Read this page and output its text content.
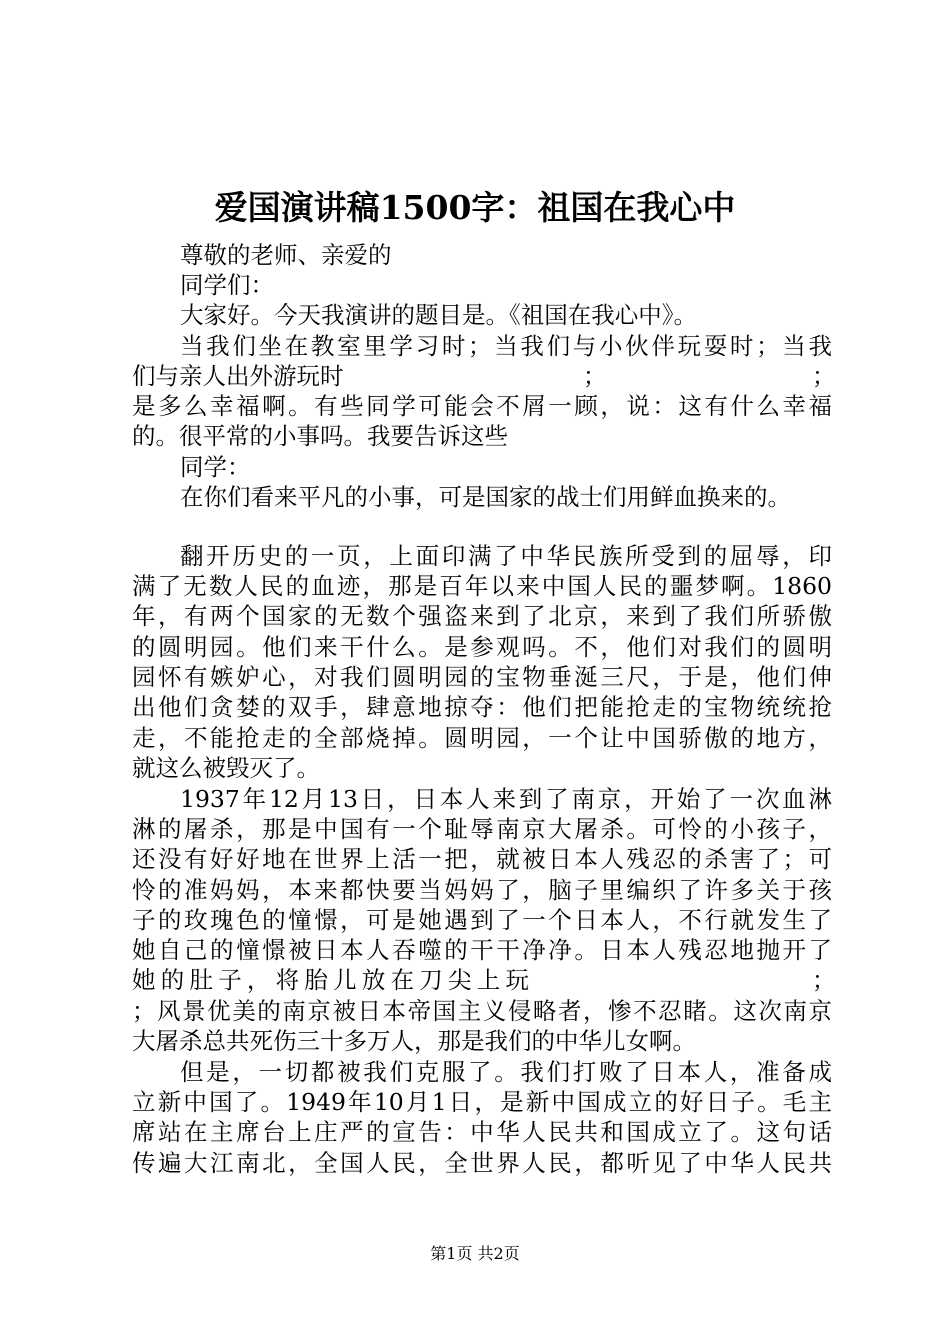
爱国演讲稿1500字：祖国在我心中
尊敬的老师、亲爱的
同学们：
大家好。今天我演讲的题目是。《祖国在我心中》。
当我们坐在教室里学习时；当我们与小伙伴玩耍时；当我
们与亲人出外游玩时	；	；
是多么幸福啊。有些同学可能会不屑一顾，说：这有什么幸福
的。很平常的小事吗。我要告诉这些
同学：
在你们看来平凡的小事，可是国家的战士们用鲜血换来的。
翻开历史的一页，上面印满了中华民族所受到的屈辱，印
满了无数人民的血迹，那是百年以来中国人民的噩梦啊。1860
年，有两个国家的无数个强盗来到了北京，来到了我们所骄傲
的圆明园。他们来干什么。是参观吗。不，他们对我们的圆明
园怀有嫉妒心，对我们圆明园的宝物垂涎三尺，于是，他们伸
出他们贪婪的双手，肆意地掠夺：他们把能抢走的宝物统统抢
走，不能抢走的全部烧掉。圆明园，一个让中国骄傲的地方，
就这么被毁灭了。
1937年12月13日，日本人来到了南京，开始了一次血淋
淋的屠杀，那是中国有一个耻辱南京大屠杀。可怜的小孩子，
还没有好好地在世界上活一把，就被日本人残忍的杀害了；可
怜的准妈妈，本来都快要当妈妈了，脑子里编织了许多关于孩
子的玫瑰色的憧憬，可是她遇到了一个日本人，不行就发生了
她自己的憧憬被日本人吞噬的干干净净。日本人残忍地抛开了
她的肚子，将胎儿放在刀尖上玩	；
；风景优美的南京被日本帝国主义侵略者，惨不忍睹。这次南京
大屠杀总共死伤三十多万人，那是我们的中华儿女啊。
但是，一切都被我们克服了。我们打败了日本人，准备成
立新中国了。1949年10月1日，是新中国成立的好日子。毛主
席站在主席台上庄严的宣告：中华人民共和国成立了。这句话
传遍大江南北，全国人民，全世界人民，都听见了中华人民共
第1页 共2页
